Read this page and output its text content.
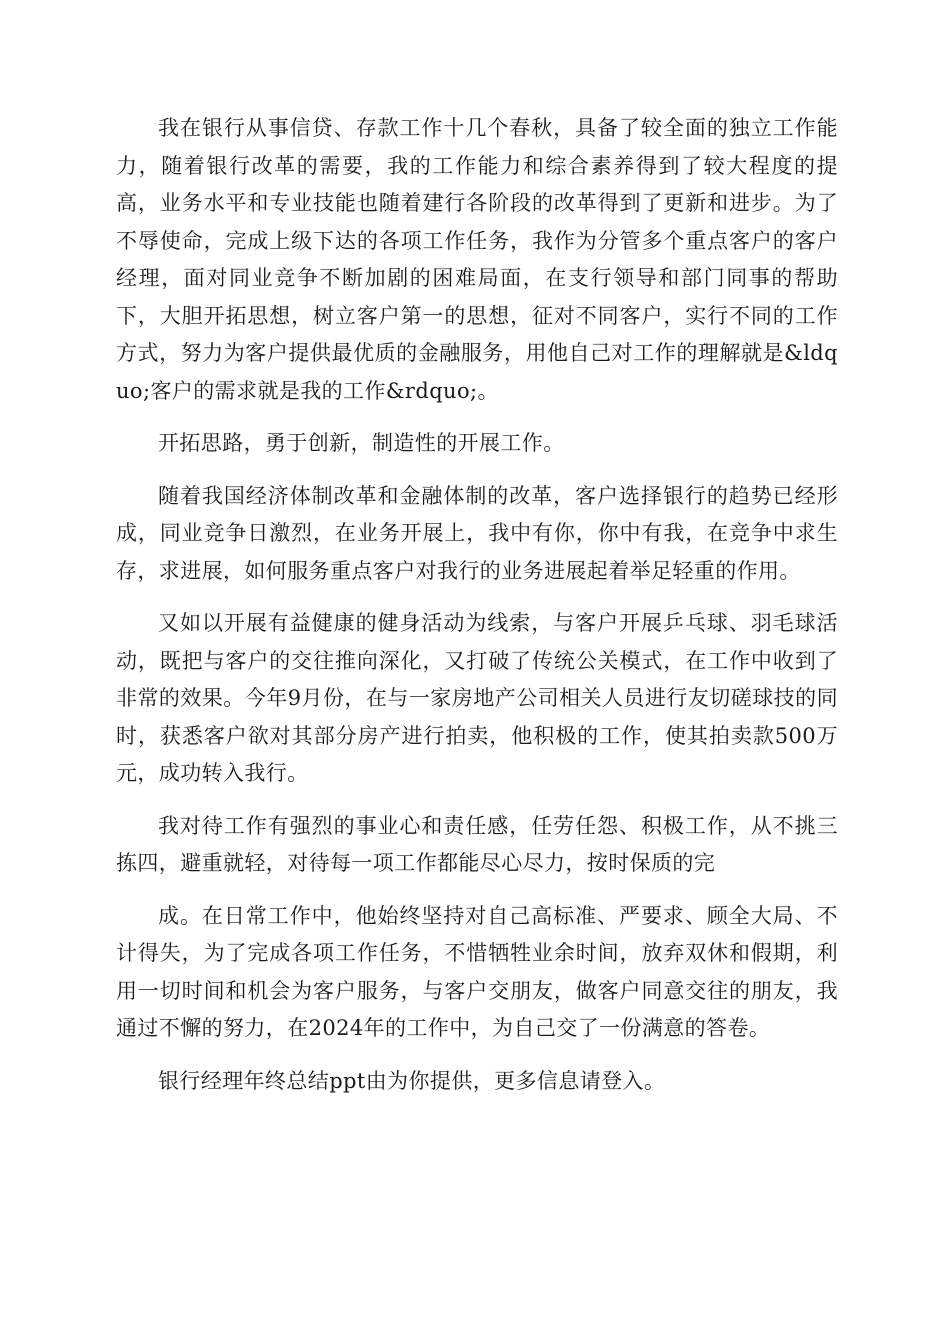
我在银行从事信贷、存款工作十几个春秋，具备了较全面的独立工作能力，随着银行改革的需要，我的工作能力和综合素养得到了较大程度的提高，业务水平和专业技能也随着建行各阶段的改革得到了更新和进步。为了不辱使命，完成上级下达的各项工作任务，我作为分管多个重点客户的客户经理，面对同业竞争不断加剧的困难局面，在支行领导和部门同事的帮助下，大胆开拓思想，树立客户第一的思想，征对不同客户，实行不同的工作方式，努力为客户提供最优质的金融服务，用他自己对工作的理解就是&ldquo;客户的需求就是我的工作&rdquo;。

开拓思路，勇于创新，制造性的开展工作。

随着我国经济体制改革和金融体制的改革，客户选择银行的趋势已经形成，同业竞争日激烈，在业务开展上，我中有你，你中有我，在竞争中求生存，求进展，如何服务重点客户对我行的业务进展起着举足轻重的作用。

又如以开展有益健康的健身活动为线索，与客户开展乒乓球、羽毛球活动，既把与客户的交往推向深化，又打破了传统公关模式，在工作中收到了非常的效果。今年9月份，在与一家房地产公司相关人员进行友切磋球技的同时，获悉客户欲对其部分房产进行拍卖，他积极的工作，使其拍卖款500万元，成功转入我行。

我对待工作有强烈的事业心和责任感，任劳任怨、积极工作，从不挑三拣四，避重就轻，对待每一项工作都能尽心尽力，按时保质的完

成。在日常工作中，他始终坚持对自己高标准、严要求、顾全大局、不计得失，为了完成各项工作任务，不惜牺牲业余时间，放弃双休和假期，利用一切时间和机会为客户服务，与客户交朋友，做客户同意交往的朋友，我通过不懈的努力，在2024年的工作中，为自己交了一份满意的答卷。

银行经理年终总结ppt由为你提供，更多信息请登入。
